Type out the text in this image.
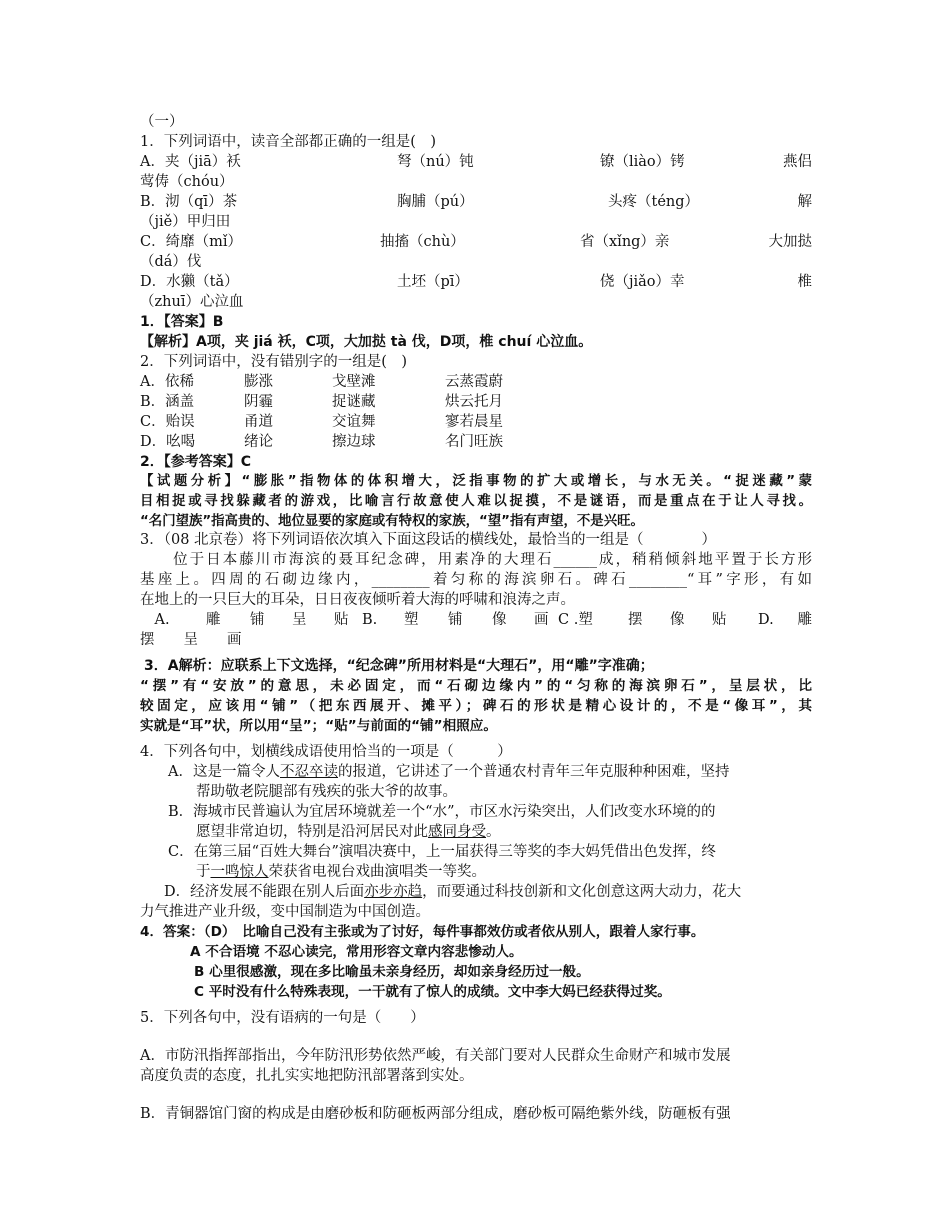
（一）
1．下列词语中，读音全部都正确的一组是(　)
A．夹（jiā）袄	弩（nú）钝	镣（liào）铐	燕侣
莺俦（chóu）
B．沏（qī）茶	胸脯（pú）	头疼（téng）	解
（jiě）甲归田
C．绮靡（mǐ）	抽搐（chù）	省（xǐng）亲	大加挞
（dá）伐
D．水獭（tǎ）	土坯（pī）	侥（jiǎo）幸	椎
（zhuī）心泣血
1．【答案】B
【解析】A项，夹 jiá 袄，C项，大加挞 tà 伐，D项，椎 chuí 心泣血。
2．下列词语中，没有错别字的一组是(　)
A．依稀	膨涨	戈壁滩	云蒸霞蔚
B．涵盖	阴霾	捉谜藏	烘云托月
C．贻误	甬道	交谊舞	寥若晨星
D．吆喝	绪论	擦边球	名门旺族
2．【参考答案】C
【试题分析】“膨胀”指物体的体积增大，泛指事物的扩大或增长，与水无关。“捉迷藏”蒙
目相捉或寻找躲藏者的游戏，比喻言行故意使人难以捉摸，不是谜语，而是重点在于让人寻找。
“名门望族”指高贵的、地位显要的家庭或有特权的家族，“望”指有声望，不是兴旺。
3．（08 北京卷）将下列词语依次填入下面这段话的横线处，最恰当的一组是（　　　　）
　　位于日本藤川市海滨的聂耳纪念碑，用素净的大理石______成，稍稍倾斜地平置于长方形
基座上。四周的石砌边缘内，________着匀称的海滨卵石。碑石________“耳”字形，有如
在地上的一只巨大的耳朵，日日夜夜倾听着大海的呼啸和浪涛之声。
　A.	雕 铺 呈 贴 B. 塑 铺 像 画 C .塑 摆 像 贴 D. 雕
摆　　呈　　画
3．A解析：应联系上下文选择，“纪念碑”所用材料是“大理石”，用“雕”字准确；
“摆”有“安放”的意思，未必固定，而“石砌边缘内”的“匀称的海滨卵石”，呈层状，比
较固定，应该用“铺”（把东西展开、摊平）；碑石的形状是精心设计的，不是“像耳”，其
实就是“耳”状，所以用“呈”；“贴”与前面的“铺”相照应。
4．下列各句中，划横线成语使用恰当的一项是（　　　）
A．这是一篇令人不忍卒读的报道，它讲述了一个普通农村青年三年克服种种困难，坚持
帮助敬老院腿部有残疾的张大爷的故事。
B．海城市民普遍认为宜居环境就差一个“水”，市区水污染突出，人们改变水环境的的
愿望非常迫切，特别是沿河居民对此感同身受。
C．在第三届“百姓大舞台”演唱决赛中，上一届获得三等奖的李大妈凭借出色发挥，终
于一鸣惊人荣获省电视台戏曲演唱类一等奖。
D．经济发展不能跟在别人后面亦步亦趋，而要通过科技创新和文化创意这两大动力，花大
力气推进产业升级，变中国制造为中国创造。
4．答案：（D）　比喻自己没有主张或为了讨好，每件事都效仿或者依从别人，跟着人家行事。
A 不合语境 不忍心读完，常用形容文章内容悲惨动人。
B 心里很感激，现在多比喻虽未亲身经历，却如亲身经历过一般。
C 平时没有什么特殊表现，一干就有了惊人的成绩。文中李大妈已经获得过奖。
5．下列各句中，没有语病的一句是（　　）
A．市防汛指挥部指出，今年防汛形势依然严峻，有关部门要对人民群众生命财产和城市发展
高度负责的态度，扎扎实实地把防汛部署落到实处。
B．青铜器馆门窗的构成是由磨砂板和防砸板两部分组成，磨砂板可隔绝紫外线，防砸板有强
